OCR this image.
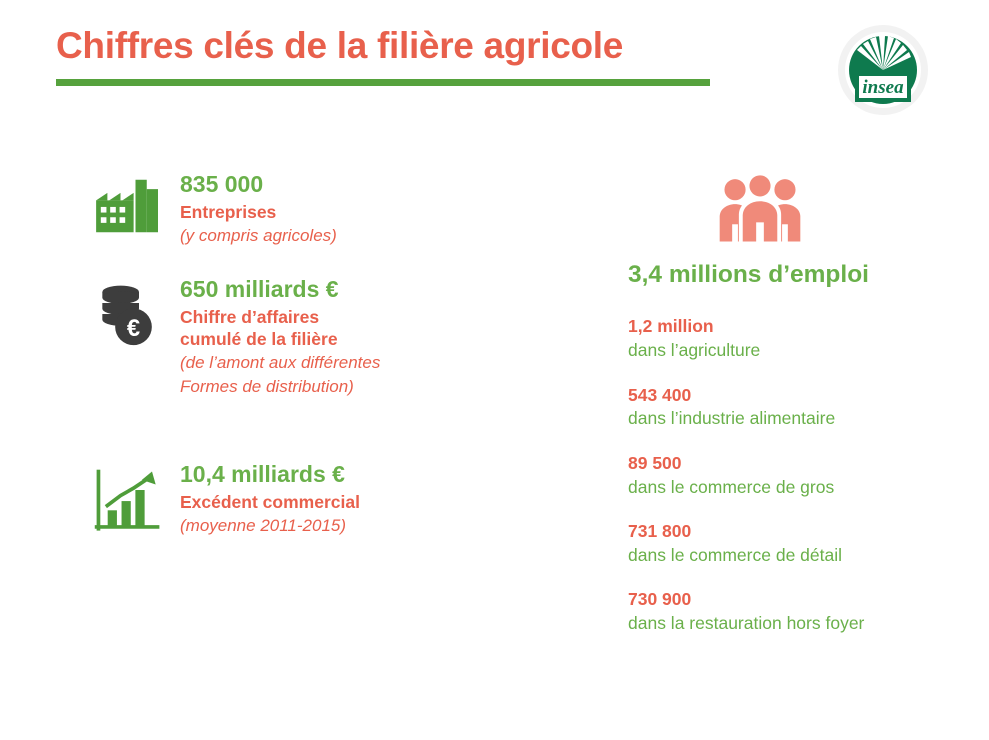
Chiffres clés de la filière agricole
insea
835 000
Entreprises
(y compris agricoles)
€
650 milliards €
Chiffre d’affaires
cumulé de la filière
(de l’amont aux différentes
Formes de distribution)
10,4 milliards €
Excédent commercial
(moyenne 2011-2015)
3,4 millions d’emploi
1,2 million
dans l’agriculture
543 400
dans l’industrie alimentaire
89 500
dans le commerce de gros
731 800
dans le commerce de détail
730 900
dans la restauration hors foyer
